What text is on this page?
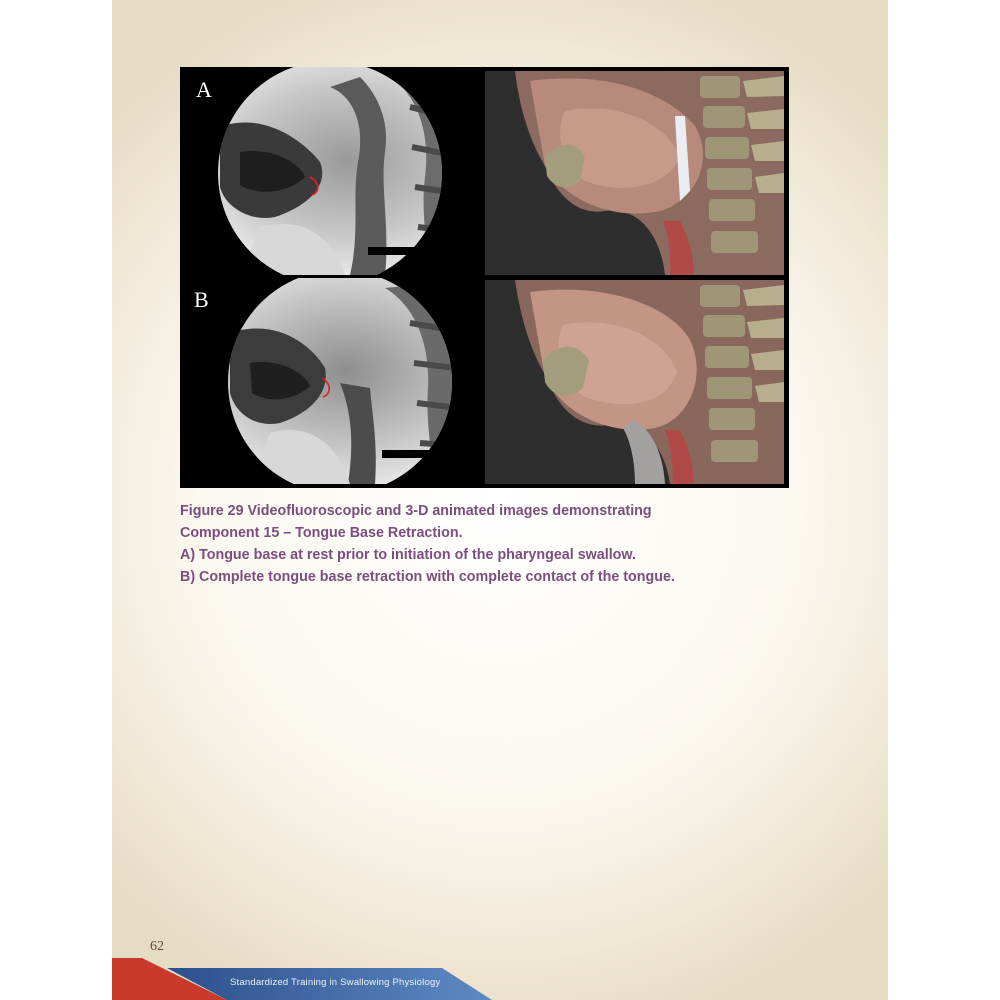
A
B
Figure 29 Videofluoroscopic and 3-D animated images demonstrating
Component 15 – Tongue Base Retraction.
A) Tongue base at rest prior to initiation of the pharyngeal swallow.
B) Complete tongue base retraction with complete contact of the tongue.
62
Standardized Training in Swallowing Physiology
